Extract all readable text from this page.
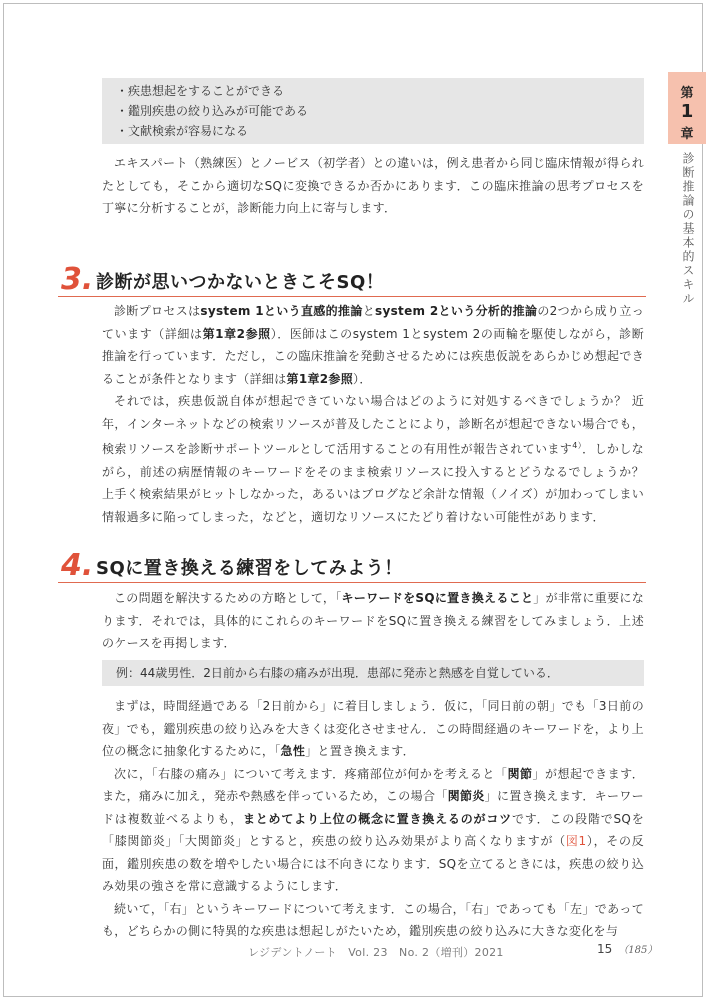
・疾患想起をすることができる
・鑑別疾患の絞り込みが可能である
・文献検索が容易になる

エキスパート（熟練医）とノービス（初学者）との違いは，例え患者から同じ臨床情報が得られたとしても，そこから適切なSQに変換できるか否かにあります．この臨床推論の思考プロセスを丁寧に分析することが，診断能力向上に寄与します．

3. 診断が思いつかないときこそSQ！

診断プロセスはsystem 1という直感的推論とsystem 2という分析的推論の2つから成り立っています（詳細は第1章2参照）．医師はこのsystem 1とsystem 2の両輪を駆使しながら，診断推論を行っています．ただし，この臨床推論を発動させるためには疾患仮説をあらかじめ想起できることが条件となります（詳細は第1章2参照）．

それでは，疾患仮説自体が想起できていない場合はどのように対処するべきでしょうか？ 近年，インターネットなどの検索リソースが普及したことにより，診断名が想起できない場合でも，検索リソースを診断サポートツールとして活用することの有用性が報告されています$^{4)}$．しかしながら，前述の病歴情報のキーワードをそのまま検索リソースに投入するとどうなるでしょうか？ 上手く検索結果がヒットしなかった，あるいはブログなど余計な情報（ノイズ）が加わってしまい情報過多に陥ってしまった，などと，適切なリソースにたどり着けない可能性があります．

4. SQに置き換える練習をしてみよう！

この問題を解決するための方略として，「キーワードをSQに置き換えること」が非常に重要になります．それでは，具体的にこれらのキーワードをSQに置き換える練習をしてみましょう．上述のケースを再掲します．

例：44歳男性．2日前から右膝の痛みが出現．患部に発赤と熱感を自覚している．

まずは，時間経過である「2日前から」に着目しましょう．仮に，「同日前の朝」でも「3日前の夜」でも，鑑別疾患の絞り込みを大きくは変化させません．この時間経過のキーワードを，より上位の概念に抽象化するために，「急性」と置き換えます．

次に，「右膝の痛み」について考えます．疼痛部位が何かを考えると「関節」が想起できます．また，痛みに加え，発赤や熱感を伴っているため，この場合「関節炎」に置き換えます．キーワードは複数並べるよりも，まとめてより上位の概念に置き換えるのがコツです．この段階でSQを「膝関節炎」「大関節炎」とすると，疾患の絞り込み効果がより高くなりますが（図1），その反面，鑑別疾患の数を増やしたい場合には不向きになります．SQを立てるときには，疾患の絞り込み効果の強さを常に意識するようにします．

続いて，「右」というキーワードについて考えます．この場合，「右」であっても「左」であっても，どちらかの側に特異的な疾患は想起しがたいため，鑑別疾患の絞り込みに大きな変化を与

第
1
章
診断推論の基本的スキル
レジデントノート　Vol. 23　No. 2（増刊）2021	15 （185）
